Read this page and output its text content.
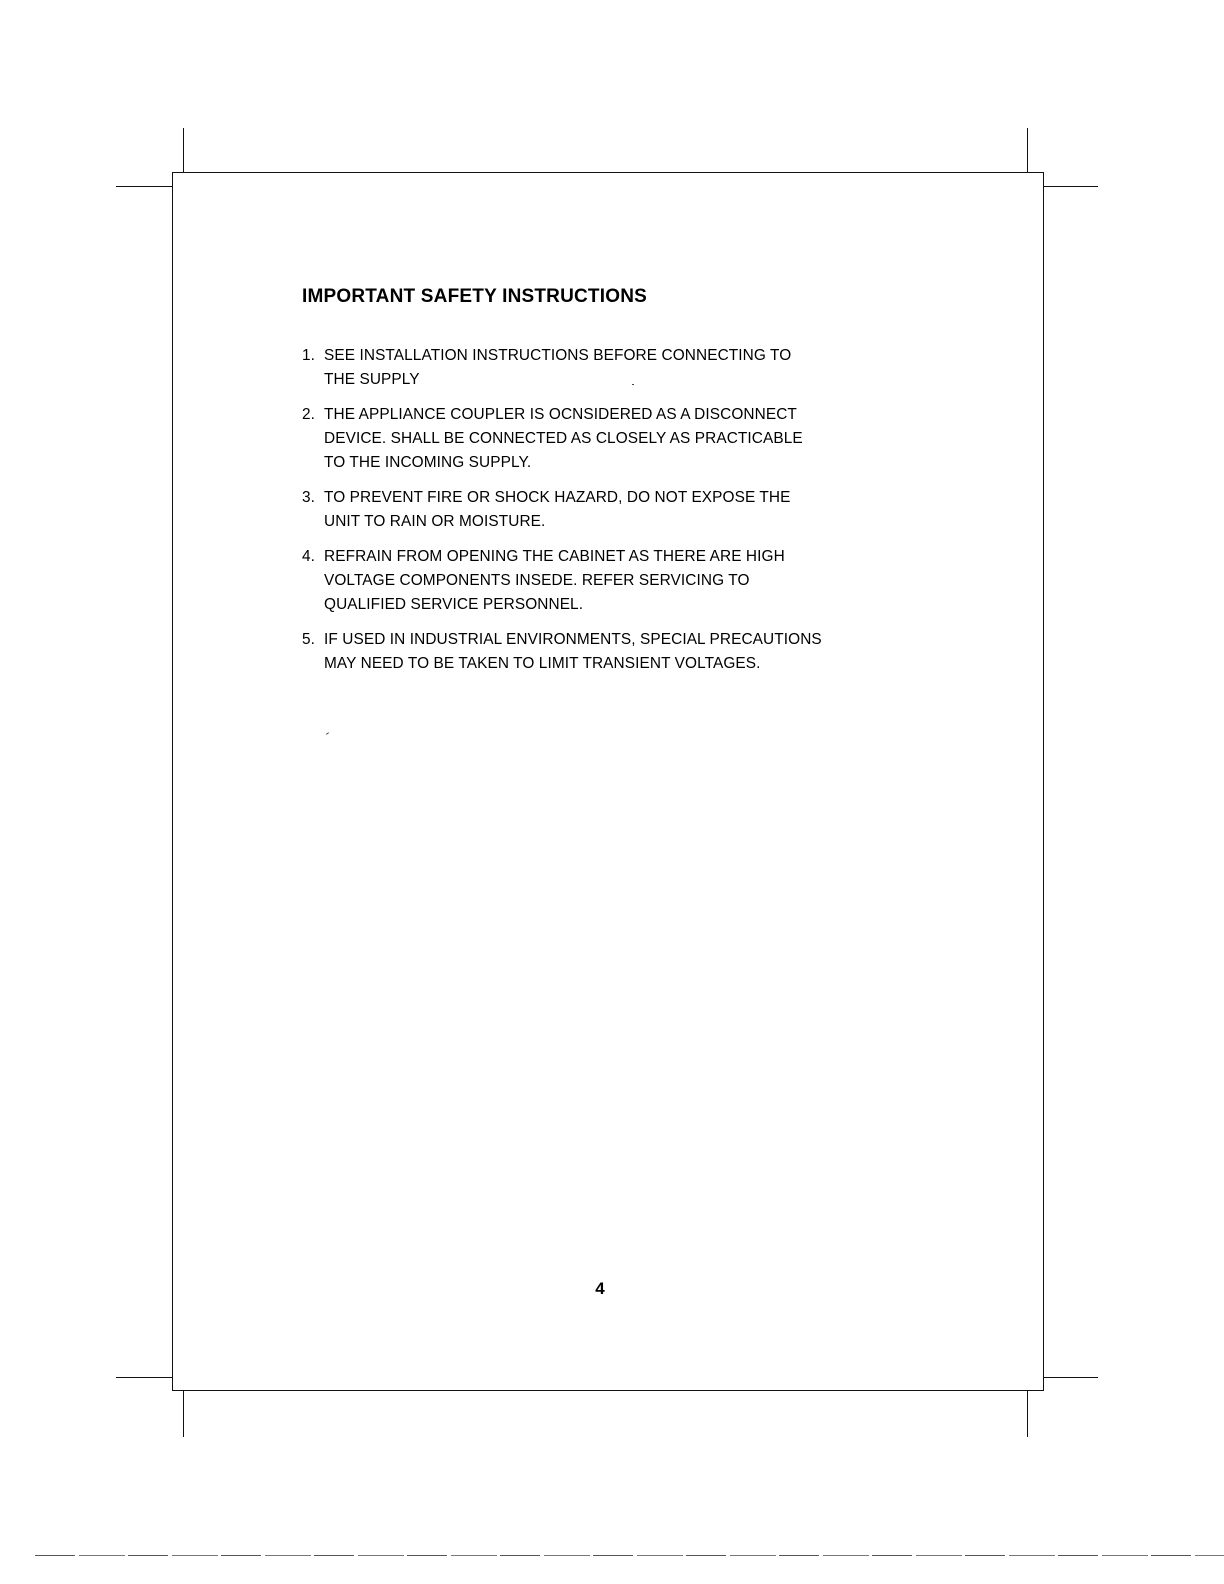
IMPORTANT SAFETY INSTRUCTIONS
1. SEE INSTALLATION INSTRUCTIONS BEFORE CONNECTING TO
THE SUPPLY
2. THE APPLIANCE COUPLER IS OCNSIDERED AS A DISCONNECT
DEVICE. SHALL BE CONNECTED AS CLOSELY AS PRACTICABLE
TO THE INCOMING SUPPLY.
3. TO PREVENT FIRE OR SHOCK HAZARD, DO NOT EXPOSE THE
UNIT TO RAIN OR MOISTURE.
4. REFRAIN FROM OPENING THE CABINET AS THERE ARE HIGH
VOLTAGE COMPONENTS INSEDE. REFER SERVICING TO
QUALIFIED SERVICE PERSONNEL.
5. IF USED IN INDUSTRIAL ENVIRONMENTS, SPECIAL PRECAUTIONS
MAY NEED TO BE TAKEN TO LIMIT TRANSIENT VOLTAGES.
4
